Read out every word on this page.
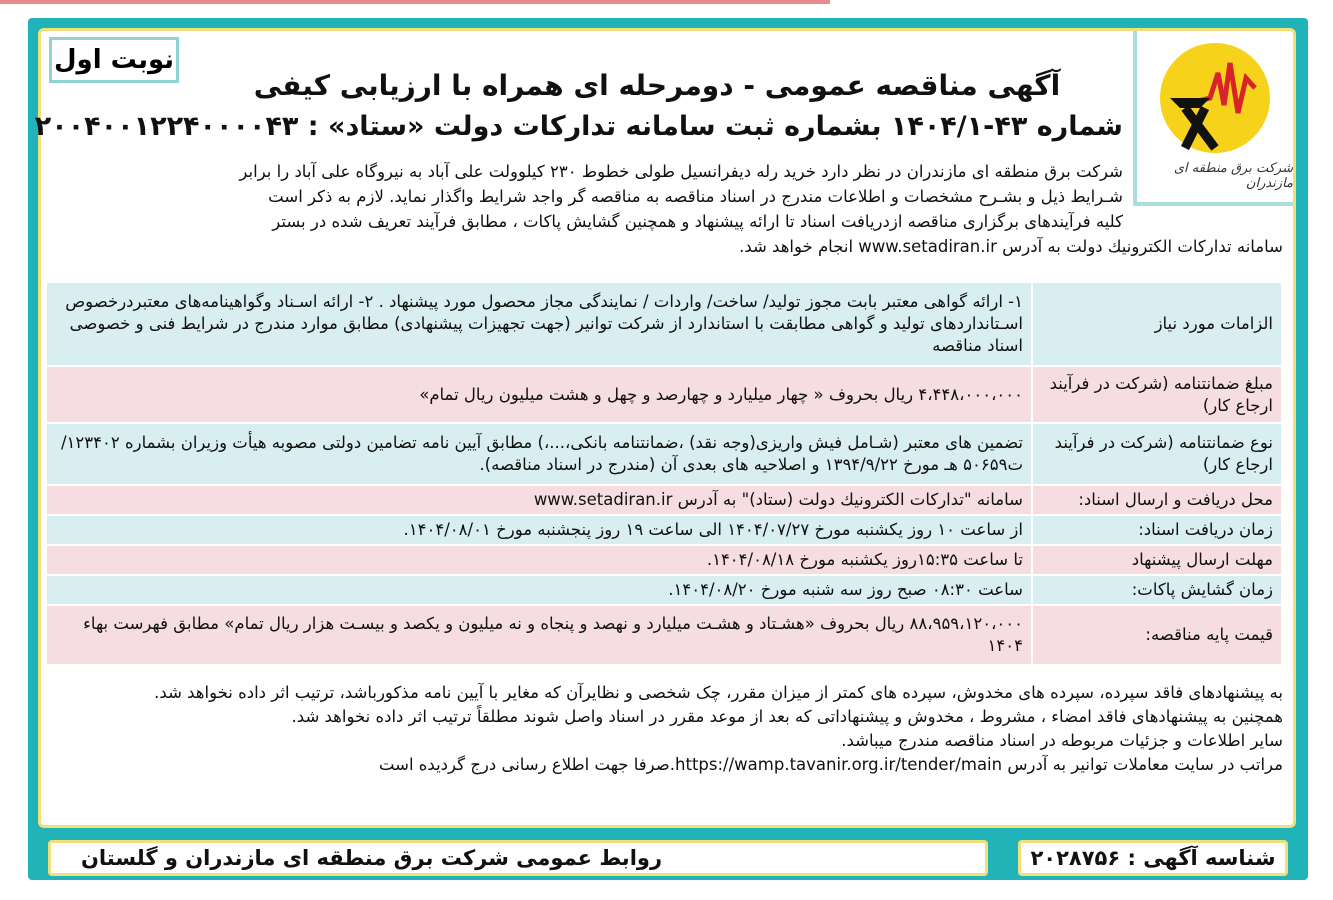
شرکت برق منطقه ای مازندران
نوبت اول
آگهی مناقصه عمومی - دومرحله ای همراه با ارزیابی کیفی
شماره ۴۳-۱۴۰۴/۱ بشماره ثبت سامانه تدارکات دولت «ستاد» : ۲۰۰۴۰۰۱۲۲۴۰۰۰۰۴۳

شرکت برق منطقه ای مازندران در نظر دارد خرید رله دیفرانسیل طولی خطوط ۲۳۰ کیلوولت علی آباد به نیروگاه علی آباد را برابر

شـرایط ذیل و بشـرح مشخصات و اطلاعات مندرج در اسناد مناقصه به مناقصه گر واجد شرایط واگذار نماید. لازم به ذکر است

کلیه فرآیندهای برگزاری مناقصه ازدریافت اسناد تا ارائه پیشنهاد و همچنین گشایش پاکات ، مطابق فرآیند تعریف شده در بستر

سامانه تدارکات الکترونیك دولت به آدرس www.setadiran.ir انجام خواهد شد.

الزامات مورد نیاز	۱- ارائه گواهی معتبر بابت مجوز تولید/ ساخت/ واردات / نمایندگی مجاز محصول مورد پیشنهاد . ۲- ارائه اسـناد وگواهینامه‌های معتبردرخصوص اسـتانداردهای تولید و گواهی مطابقت با استاندارد از شرکت توانیر (جهت تجهیزات پیشنهادی) مطابق موارد مندرج در شرایط فنی و خصوصی اسناد مناقصه
مبلغ ضمانتنامه (شرکت در فرآیند ارجاع کار)	۴،۴۴۸،۰۰۰،۰۰۰ ریال بحروف « چهار میلیارد و چهارصد و چهل و هشت میلیون ریال تمام»
نوع ضمانتنامه (شرکت در فرآیند ارجاع کار)	تضمین های معتبر (شـامل فیش واریزی(وجه نقد) ،ضمانتنامه بانکی،...،) مطابق آیین نامه تضامین دولتی مصوبه هیأت وزیران بشماره ۱۲۳۴۰۲/ت۵۰۶۵۹ هـ مورخ ۱۳۹۴/۹/۲۲ و اصلاحیه های بعدی آن (مندرج در اسناد مناقصه).
محل دریافت و ارسال اسناد:	سامانه "تدارکات الکترونیك دولت (ستاد)" به آدرس www.setadiran.ir
زمان دریافت اسناد:	از ساعت ۱۰ روز یکشنبه مورخ ۱۴۰۴/۰۷/۲۷ الی ساعت ۱۹ روز پنجشنبه مورخ ۱۴۰۴/۰۸/۰۱.
مهلت ارسال پیشنهاد	تا ساعت ۱۵:۳۵روز یکشنبه مورخ ۱۴۰۴/۰۸/۱۸.
زمان گشایش پاکات:	ساعت ۰۸:۳۰ صبح روز سه شنبه مورخ ۱۴۰۴/۰۸/۲۰.
قیمت پایه مناقصه:	۸۸،۹۵۹،۱۲۰،۰۰۰ ریال بحروف «هشـتاد و هشـت میلیارد و نهصد و پنجاه و نه میلیون و یکصد و بیسـت هزار ریال تمام» مطابق فهرست بهاء ۱۴۰۴

به پیشنهادهای فاقد سپرده، سپرده های مخدوش، سپرده های کمتر از میزان مقرر، چک شخصی و نظایرآن که مغایر با آیین نامه مذکورباشد، ترتیب اثر داده نخواهد شد.

همچنین به پیشنهادهای فاقد امضاء ، مشروط ، مخدوش و پیشنهاداتی که بعد از موعد مقرر در اسناد واصل شوند مطلقاً ترتیب اثر داده نخواهد شد.

سایر اطلاعات و جزئیات مربوطه در اسناد مناقصه مندرج میباشد.

مراتب در سایت معاملات توانیر به آدرس https://wamp.tavanir.org.ir/tender/main.صرفا جهت اطلاع رسانی درج گردیده است

شناسه آگهی : ۲۰۲۸۷۵۶
روابط عمومی شرکت برق منطقه ای مازندران و گلستان
